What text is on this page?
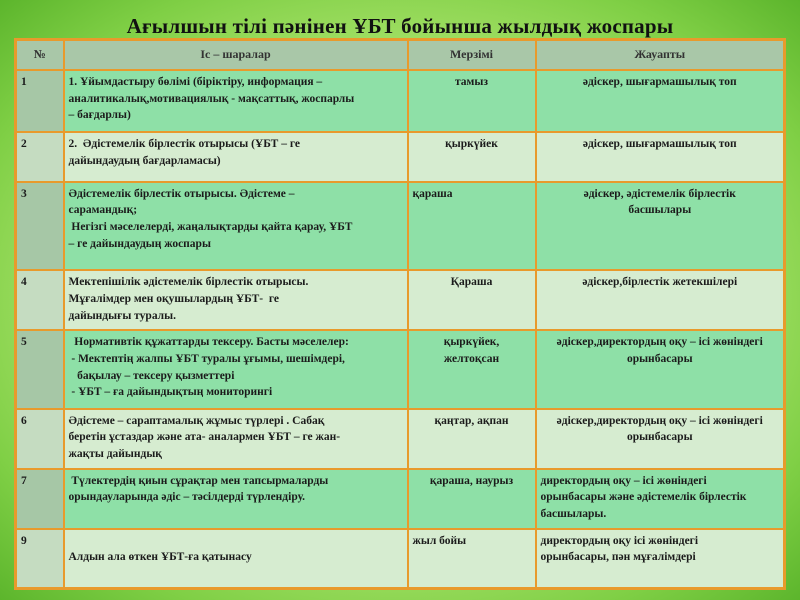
Ағылшын тілі пәнінен ҰБТ бойынша жылдық жоспары
№	Іс – шаралар	Мерзімі	Жауапты
1	1. Ұйымдастыру бөлімі (біріктіру, информация –
аналитикалық,мотивациялық - мақсаттық, жоспарлы
– бағдарлы)	тамыз	әдіскер, шығармашылық топ

2	2.  Әдістемелік бірлестік отырысы (ҰБТ – ге
дайындаудың бағдарламасы)	қыркүйек	әдіскер, шығармашылық топ

3	Әдістемелік бірлестік отырысы. Әдістеме –
сарамандық;
Негізгі мәселелерді, жаңалықтарды қайта қарау, ҰБТ
– ге дайындаудың жоспары	қараша	әдіскер, әдістемелік бірлестік
басшылары

4	Мектепішілік әдістемелік бірлестік отырысы.
Мұғалімдер мен оқушылардың ҰБТ-  ге
дайындығы туралы.	Қараша	әдіскер,бірлестік жетекшілері

5	Нормативтік құжаттарды тексеру. Басты мәселелер:
- Мектептің жалпы ҰБТ туралы ұғымы, шешімдері,
бақылау – тексеру қызметтері
- ҰБТ – ға дайындықтың мониторингі	қыркүйек,
желтоқсан	әдіскер,директордың оқу – ісі жөніндегі
орынбасары

6	Әдістеме – сараптамалық жұмыс түрлері . Сабақ
беретін ұстаздар және ата- аналармен ҰБТ – ге жан-
жақты дайындық	қаңтар, ақпан	әдіскер,директордың оқу – ісі жөніндегі
орынбасары

7	Түлектердің қиын сұрақтар мен тапсырмаларды
орындауларында әдіс – тәсілдерді түрлендіру.	қараша, наурыз	директордың оқу – ісі жөніндегі
орынбасары және әдістемелік бірлестік
басшылары.

9	Алдын ала өткен ҰБТ-ға қатынасу	жыл бойы	директордың оқу ісі жөніндегі
орынбасары, пән мұғалімдері
